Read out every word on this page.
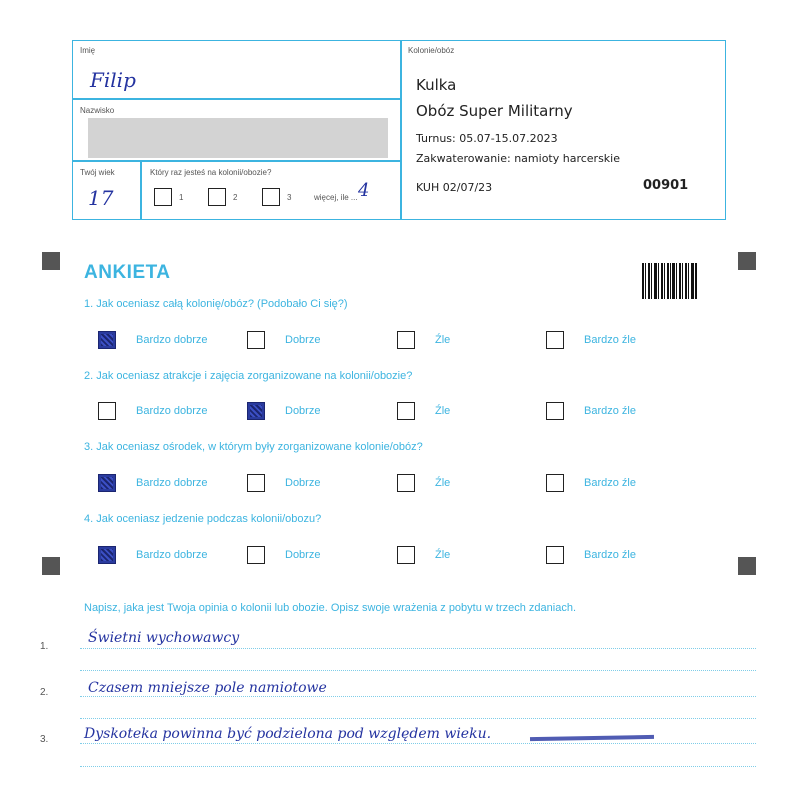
Imię
Filip
Nazwisko
Twój wiek
17
Który raz jesteś na kolonii/obozie?
1	2	3	więcej, ile ... 4
Kolonie/obóz
Kulka
Obóz Super Militarny
Turnus: 05.07-15.07.2023
Zakwaterowanie: namioty harcerskie
KUH 02/07/23	00901
ANKIETA
1. Jak oceniasz całą kolonię/obóz? (Podobało Ci się?)
Bardzo dobrze	Dobrze	Źle	Bardzo źle
2. Jak oceniasz atrakcje i zajęcia zorganizowane na kolonii/obozie?
Bardzo dobrze	Dobrze	Źle	Bardzo źle
3. Jak oceniasz ośrodek, w którym były zorganizowane kolonie/obóz?
Bardzo dobrze	Dobrze	Źle	Bardzo źle
4. Jak oceniasz jedzenie podczas kolonii/obozu?
Bardzo dobrze	Dobrze	Źle	Bardzo źle
Napisz, jaka jest Twoja opinia o kolonii lub obozie. Opisz swoje wrażenia z pobytu w trzech zdaniach.
1.
Świetni wychowawcy
2.	Czasem mniejsze pole namiotowe
3.	Dyskoteka powinna być podzielona pod względem wieku.
